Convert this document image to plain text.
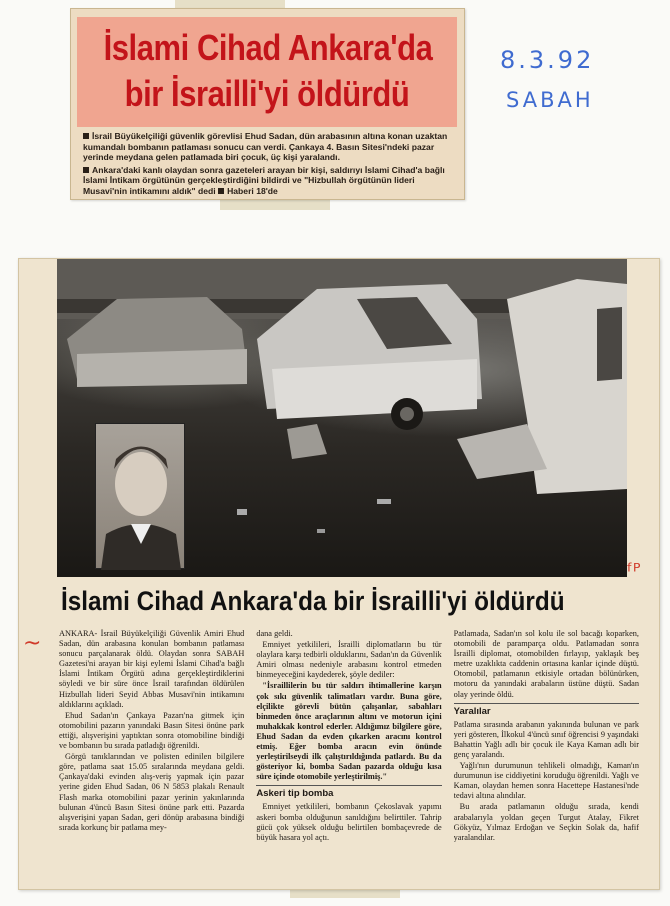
İslami Cihad Ankara'da
bir İsrailli'yi öldürdü

İsrail Büyükelçiliği güvenlik görevlisi Ehud Sadan, dün arabasının altına konan uzaktan kumandalı bombanın patlaması sonucu can verdi. Çankaya 4. Basın Sitesi'ndeki pazar yerinde meydana gelen patlamada biri çocuk, üç kişi yaralandı.

Ankara'daki kanlı olaydan sonra gazeteleri arayan bir kişi, saldırıyı İslami Cihad'a bağlı İslami İntikam örgütünün gerçekleştirdiğini bildirdi ve "Hizbullah örgütünün lideri Musavi'nin intikamını aldık" dedi Haberi 18'de

8.3.92
SABAH
ᶠᴾ
~
İslami Cihad Ankara'da bir İsrailli'yi öldürdü

ANKARA- İsrail Büyükelçiliği Güvenlik Amiri Ehud Sadan, dün arabasına konulan bombanın patlaması sonucu parçalanarak öldü. Olaydan sonra SABAH Gazetesi'ni arayan bir kişi eylemi İslami Cihad'a bağlı İslami İntikam Örgütü adına gerçekleştirdiklerini söyledi ve bir süre önce İsrail tarafından öldürülen Hizbullah lideri Seyid Abbas Musavi'nin intikamını aldıklarını açıkladı.

Ehud Sadan'ın Çankaya Pazarı'na gitmek için otomobilini pazarın yanındaki Basın Sitesi önüne park ettiği, alışverişini yaptıktan sonra otomobiline bindiği ve bombanın bu sırada patladığı öğrenildi.

Görgü tanıklarından ve polisten edinilen bilgilere göre, patlama saat 15.05 sıralarında meydana geldi. Çankaya'daki evinden alış-veriş yapmak için pazar yerine giden Ehud Sadan, 06 N 5853 plakalı Renault Flash marka otomobilini pazar yerinin yakınlarında bulunan 4'üncü Basın Sitesi önüne park etti. Pazarda alışverişini yapan Sadan, geri dönüp arabasına bindiği sırada korkunç bir patlama mey-

dana geldi.

Emniyet yetkilileri, İsrailli diplomatların bu tür olaylara karşı tedbirli olduklarını, Sadan'ın da Güvenlik Amiri olması nedeniyle arabasını kontrol etmeden binmeyeceğini kaydederek, şöyle dediler:

"İsraillilerin bu tür saldırı ihtimallerine karşın çok sıkı güvenlik talimatları vardır. Buna göre, elçilikte görevli bütün çalışanlar, sabahları binmeden önce araçlarının altını ve motorun içini muhakkak kontrol ederler. Aldığımız bilgilere göre, Ehud Sadan da evden çıkarken aracını kontrol etmiş. Eğer bomba aracın evin önünde yerleştirilseydi ilk çalıştırıldığında patlardı. Bu da gösteriyor ki, bomba Sadan pazarda olduğu kısa süre içinde otomobile yerleştirilmiş."

Askeri tip bomba

Emniyet yetkilileri, bombanın Çekoslavak yapımı askeri bomba olduğunun sanıldığını belirttiler. Tahrip gücü çok yüksek olduğu belirtilen bombaçevrede de büyük hasara yol açtı.

Patlamada, Sadan'ın sol kolu ile sol bacağı koparken, otomobili de paramparça oldu. Patlamadan sonra İsrailli diplomat, otomobilden fırlayıp, yaklaşık beş metre uzaklıkta caddenin ortasına kanlar içinde düştü. Otomobil, patlamanın etkisiyle ortadan bölünürken, motoru da yanındaki arabaların üstüne düştü. Sadan olay yerinde öldü.

Yaralılar

Patlama sırasında arabanın yakınında bulunan ve park yeri gösteren, İlkokul 4'üncü sınıf öğrencisi 9 yaşındaki Bahattin Yağlı adlı bir çocuk ile Kaya Kaman adlı bir genç yaralandı.

Yağlı'nın durumunun tehlikeli olmadığı, Kaman'ın durumunun ise ciddiyetini koruduğu öğrenildi. Yağlı ve Kaman, olaydan hemen sonra Hacettepe Hastanesi'nde tedavi altına alındılar.

Bu arada patlamanın olduğu sırada, kendi arabalarıyla yoldan geçen Turgut Atalay, Fikret Gökyüz, Yılmaz Erdoğan ve Seçkin Solak da, hafif yaralandılar.
